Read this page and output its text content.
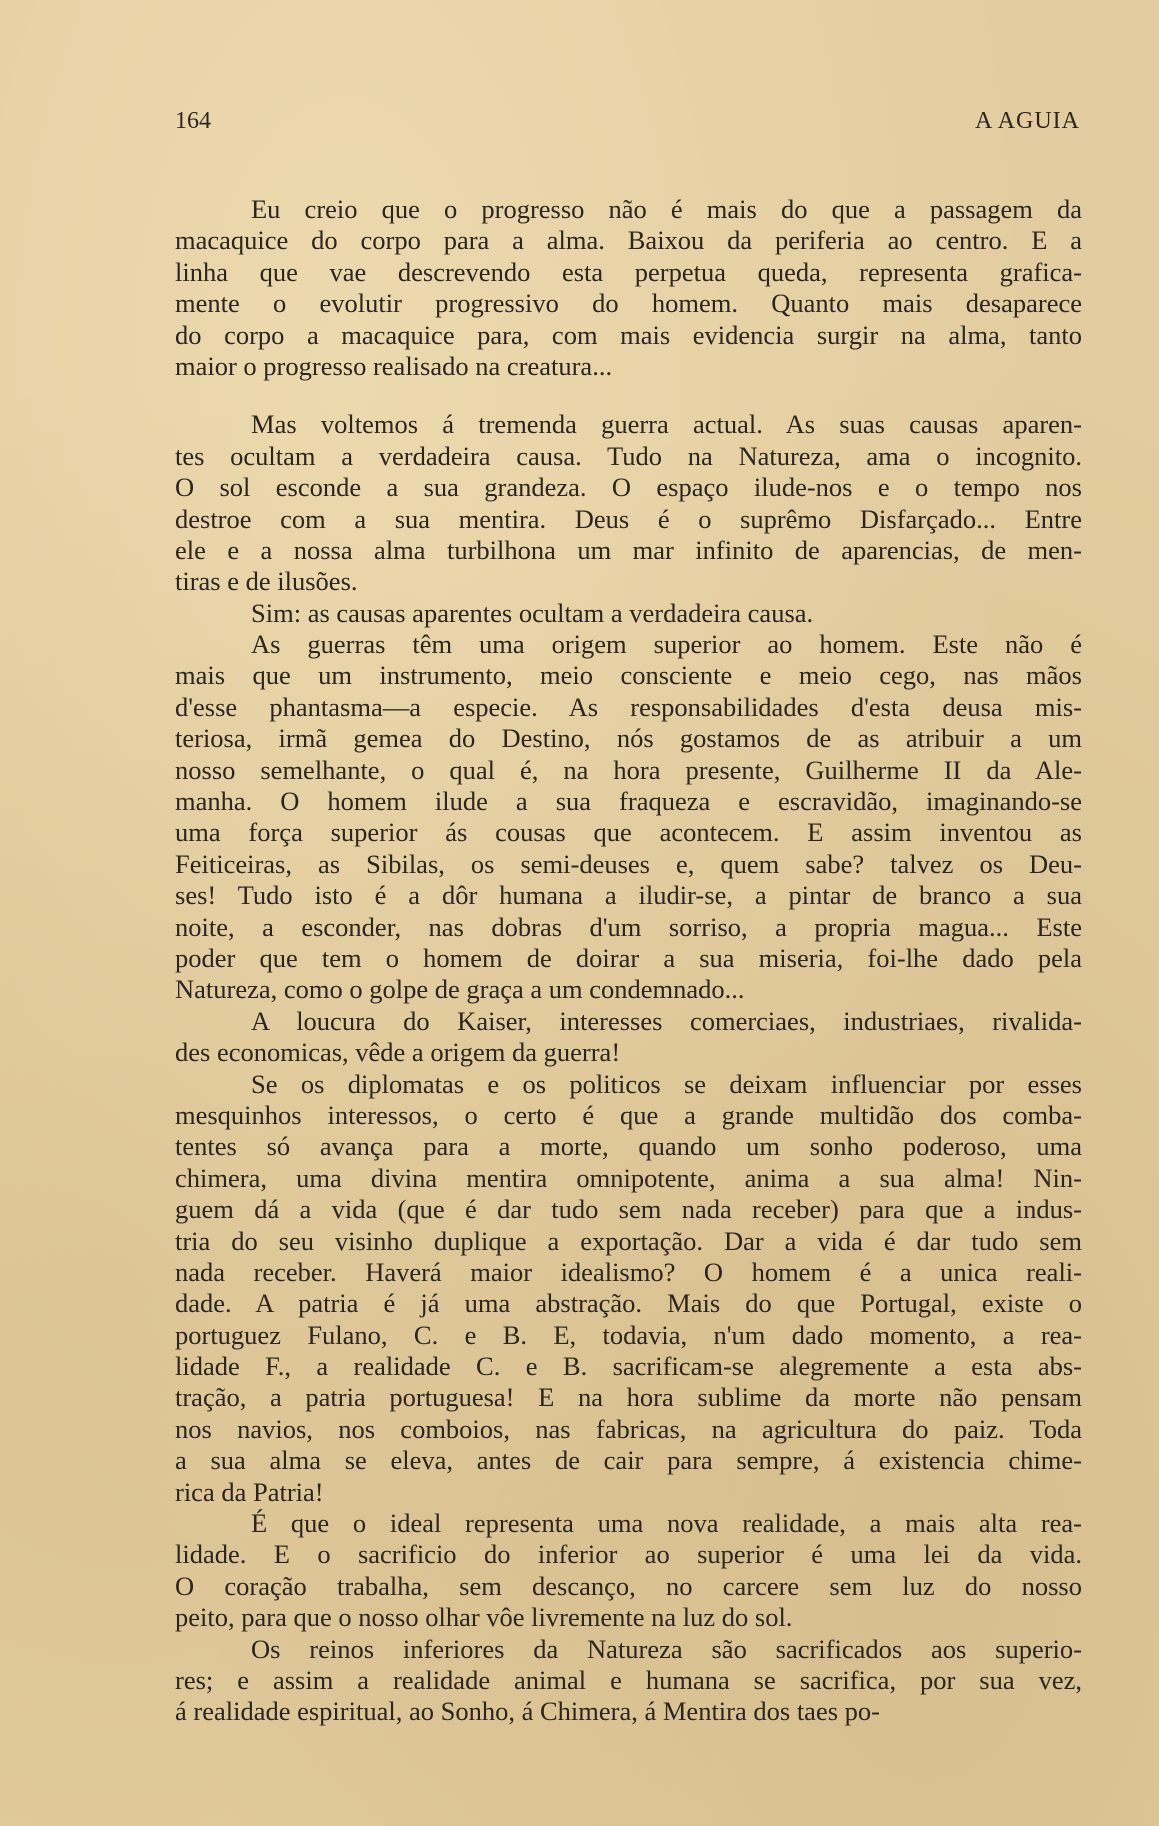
164	A AGUIA
Eu creio que o progresso não é mais do que a passagem da
macaquice do corpo para a alma. Baixou da periferia ao centro. E a
linha que vae descrevendo esta perpetua queda, representa grafica-
mente o evolutir progressivo do homem. Quanto mais desaparece
do corpo a macaquice para, com mais evidencia surgir na alma, tanto
maior o progresso realisado na creatura...
Mas voltemos á tremenda guerra actual. As suas causas aparen-
tes ocultam a verdadeira causa. Tudo na Natureza, ama o incognito.
O sol esconde a sua grandeza. O espaço ilude-nos e o tempo nos
destroe com a sua mentira. Deus é o suprêmo Disfarçado... Entre
ele e a nossa alma turbilhona um mar infinito de aparencias, de men-
tiras e de ilusões.
Sim: as causas aparentes ocultam a verdadeira causa.
As guerras têm uma origem superior ao homem. Este não é
mais que um instrumento, meio consciente e meio cego, nas mãos
d'esse phantasma—a especie. As responsabilidades d'esta deusa mis-
teriosa, irmã gemea do Destino, nós gostamos de as atribuir a um
nosso semelhante, o qual é, na hora presente, Guilherme II da Ale-
manha. O homem ilude a sua fraqueza e escravidão, imaginando-se
uma força superior ás cousas que acontecem. E assim inventou as
Feiticeiras, as Sibilas, os semi-deuses e, quem sabe? talvez os Deu-
ses! Tudo isto é a dôr humana a iludir-se, a pintar de branco a sua
noite, a esconder, nas dobras d'um sorriso, a propria magua... Este
poder que tem o homem de doirar a sua miseria, foi-lhe dado pela
Natureza, como o golpe de graça a um condemnado...
A loucura do Kaiser, interesses comerciaes, industriaes, rivalida-
des economicas, vêde a origem da guerra!
Se os diplomatas e os politicos se deixam influenciar por esses
mesquinhos interessos, o certo é que a grande multidão dos comba-
tentes só avança para a morte, quando um sonho poderoso, uma
chimera, uma divina mentira omnipotente, anima a sua alma! Nin-
guem dá a vida (que é dar tudo sem nada receber) para que a indus-
tria do seu visinho duplique a exportação. Dar a vida é dar tudo sem
nada receber. Haverá maior idealismo? O homem é a unica reali-
dade. A patria é já uma abstração. Mais do que Portugal, existe o
portuguez Fulano, C. e B. E, todavia, n'um dado momento, a rea-
lidade F., a realidade C. e B. sacrificam-se alegremente a esta abs-
tração, a patria portuguesa! E na hora sublime da morte não pensam
nos navios, nos comboios, nas fabricas, na agricultura do paiz. Toda
a sua alma se eleva, antes de cair para sempre, á existencia chime-
rica da Patria!
É que o ideal representa uma nova realidade, a mais alta rea-
lidade. E o sacrificio do inferior ao superior é uma lei da vida.
O coração trabalha, sem descanço, no carcere sem luz do nosso
peito, para que o nosso olhar vôe livremente na luz do sol.
Os reinos inferiores da Natureza são sacrificados aos superio-
res; e assim a realidade animal e humana se sacrifica, por sua vez,
á realidade espiritual, ao Sonho, á Chimera, á Mentira dos taes po-
